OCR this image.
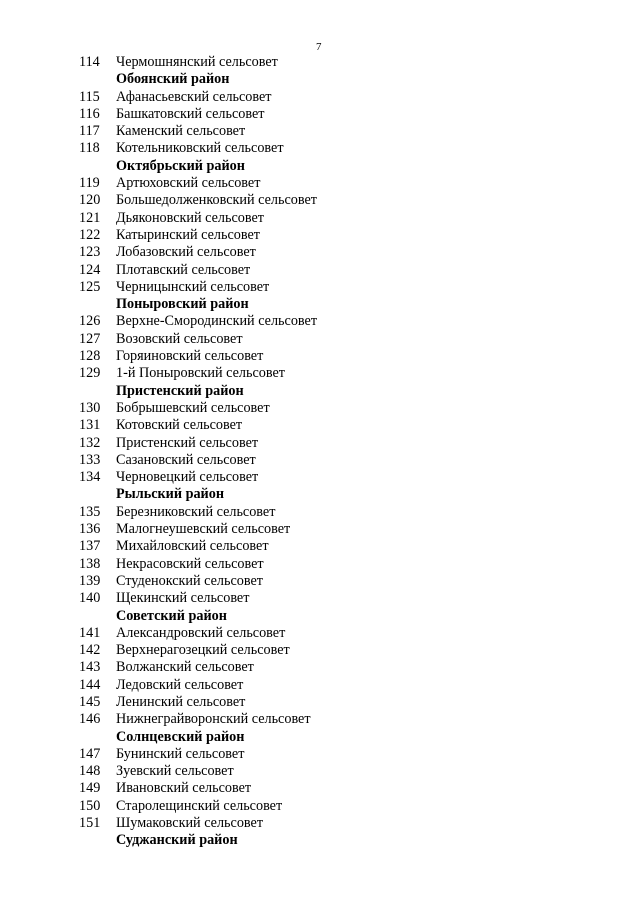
7
114 Чермошнянский сельсовет
Обоянский район
115 Афанасьевский сельсовет
116 Башкатовский сельсовет
117 Каменский сельсовет
118 Котельниковский сельсовет
Октябрьский район
119 Артюховский сельсовет
120 Большедолженковский сельсовет
121 Дьяконовский сельсовет
122 Катыринский сельсовет
123 Лобазовский сельсовет
124 Плотавский сельсовет
125 Черницынский сельсовет
Поныровский район
126 Верхне-Смородинский сельсовет
127 Возовский сельсовет
128 Горяиновский сельсовет
129 1-й Поныровский сельсовет
Пристенский район
130 Бобрышевский сельсовет
131 Котовский сельсовет
132 Пристенский сельсовет
133 Сазановский сельсовет
134 Черновецкий сельсовет
Рыльский район
135 Березниковский сельсовет
136 Малогнеушевский сельсовет
137 Михайловский сельсовет
138 Некрасовский сельсовет
139 Студенокский сельсовет
140 Щекинский сельсовет
Советский район
141 Александровский сельсовет
142 Верхнерагозецкий сельсовет
143 Волжанский сельсовет
144 Ледовский сельсовет
145 Ленинский сельсовет
146 Нижнеграйворонский сельсовет
Солнцевский район
147 Бунинский сельсовет
148 Зуевский сельсовет
149 Ивановский сельсовет
150 Старолещинский сельсовет
151 Шумаковский сельсовет
Суджанский район
